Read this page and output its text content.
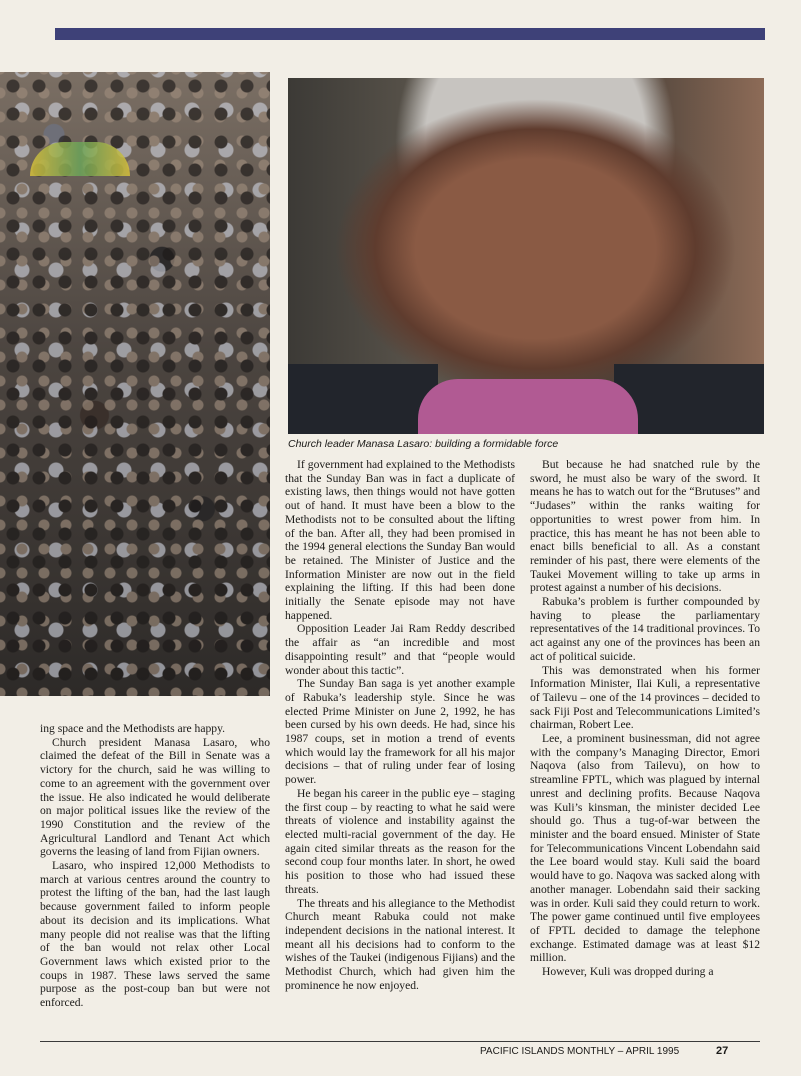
Church leader Manasa Lasaro: building a formidable force

ing space and the Methodists are happy.

Church president Manasa Lasaro, who claimed the defeat of the Bill in Senate was a victory for the church, said he was willing to come to an agreement with the government over the issue. He also indicated he would deliberate on major political issues like the review of the 1990 Constitution and the review of the Agricultural Landlord and Tenant Act which governs the leasing of land from Fijian owners.

Lasaro, who inspired 12,000 Methodists to march at various centres around the country to protest the lifting of the ban, had the last laugh because government failed to inform people about its decision and its implications. What many people did not realise was that the lifting of the ban would not relax other Local Government laws which existed prior to the coups in 1987. These laws served the same purpose as the post-coup ban but were not enforced.

If government had explained to the Methodists that the Sunday Ban was in fact a duplicate of existing laws, then things would not have gotten out of hand. It must have been a blow to the Methodists not to be consulted about the lifting of the ban. After all, they had been promised in the 1994 general elections the Sunday Ban would be retained. The Minister of Justice and the Information Minister are now out in the field explaining the lifting. If this had been done initially the Senate episode may not have happened.

Opposition Leader Jai Ram Reddy described the affair as “an incredible and most disappointing result” and that “people would wonder about this tactic”.

The Sunday Ban saga is yet another example of Rabuka’s leadership style. Since he was elected Prime Minister on June 2, 1992, he has been cursed by his own deeds. He had, since his 1987 coups, set in motion a trend of events which would lay the framework for all his major decisions – that of ruling under fear of losing power.

He began his career in the public eye – staging the first coup – by reacting to what he said were threats of violence and instability against the elected multi-racial government of the day. He again cited similar threats as the reason for the second coup four months later. In short, he owed his position to those who had issued these threats.

The threats and his allegiance to the Methodist Church meant Rabuka could not make independent decisions in the national interest. It meant all his decisions had to conform to the wishes of the Taukei (indigenous Fijians) and the Methodist Church, which had given him the prominence he now enjoyed.

But because he had snatched rule by the sword, he must also be wary of the sword. It means he has to watch out for the “Brutuses” and “Judases” within the ranks waiting for opportunities to wrest power from him. In practice, this has meant he has not been able to enact bills beneficial to all. As a constant reminder of his past, there were elements of the Taukei Movement willing to take up arms in protest against a number of his decisions.

Rabuka’s problem is further compounded by having to please the parliamentary representatives of the 14 traditional provinces. To act against any one of the provinces has been an act of political suicide.

This was demonstrated when his former Information Minister, Ilai Kuli, a representative of Tailevu – one of the 14 provinces – decided to sack Fiji Post and Telecommunications Limited’s chairman, Robert Lee.

Lee, a prominent businessman, did not agree with the company’s Managing Director, Emori Naqova (also from Tailevu), on how to streamline FPTL, which was plagued by internal unrest and declining profits. Because Naqova was Kuli’s kinsman, the minister decided Lee should go. Thus a tug-of-war between the minister and the board ensued. Minister of State for Telecommunications Vincent Lobendahn said the Lee board would stay. Kuli said the board would have to go. Naqova was sacked along with another manager. Lobendahn said their sacking was in order. Kuli said they could return to work. The power game continued until five employees of FPTL decided to damage the telephone exchange. Estimated damage was at least $12 million.

However, Kuli was dropped during a

PACIFIC ISLANDS MONTHLY – APRIL 1995	27
